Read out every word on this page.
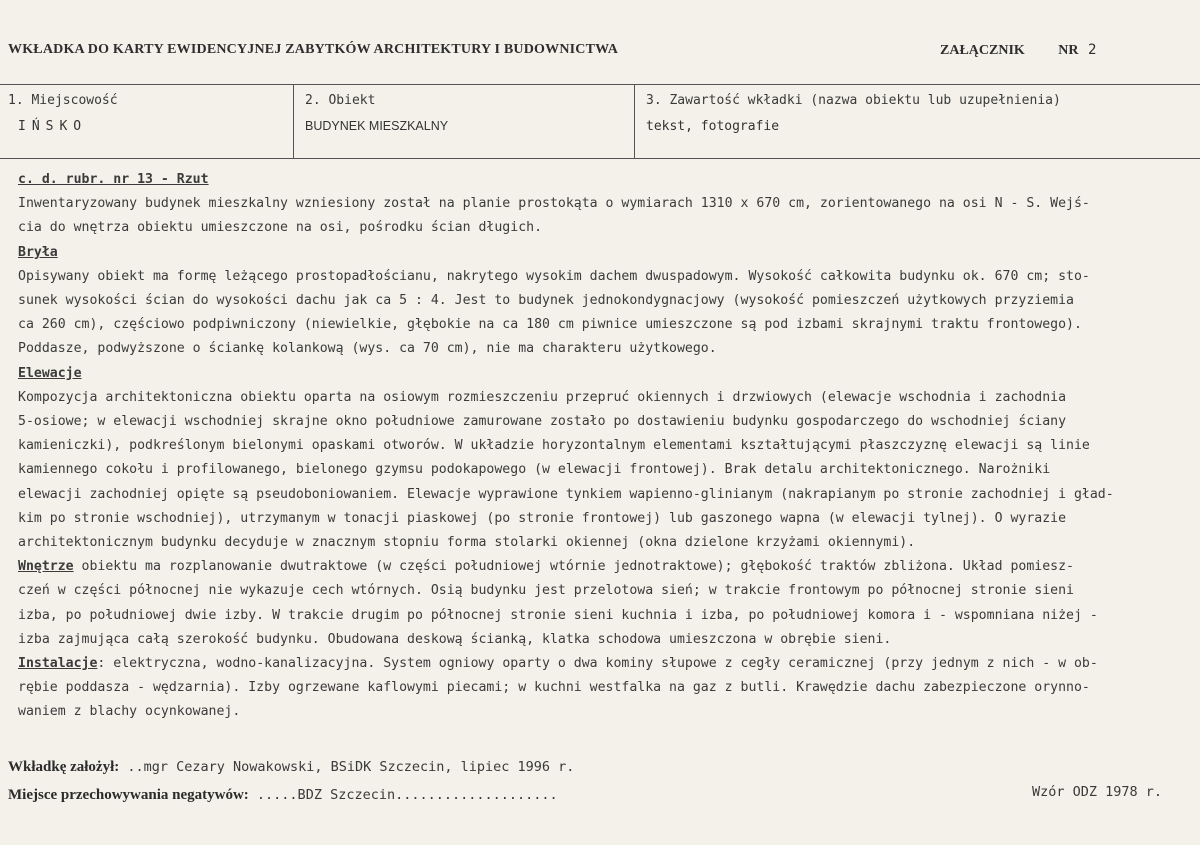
WKŁADKA DO KARTY EWIDENCYJNEJ ZABYTKÓW ARCHITEKTURY I BUDOWNICTWA	ZAŁĄCZNIK NR 2
1. Miejscowość
IŃSKO
2. Obiekt
BUDYNEK MIESZKALNY
3. Zawartość wkładki (nazwa obiektu lub uzupełnienia)
tekst, fotografie

c. d. rubr. nr 13 - Rzut

Inwentaryzowany budynek mieszkalny wzniesiony został na planie prostokąta o wymiarach 1310 x 670 cm, zorientowanego na osi N - S. Wejś-

cia do wnętrza obiektu umieszczone na osi, pośrodku ścian długich.

Bryła

Opisywany obiekt ma formę leżącego prostopadłościanu, nakrytego wysokim dachem dwuspadowym. Wysokość całkowita budynku ok. 670 cm; sto-

sunek wysokości ścian do wysokości dachu jak ca 5 : 4. Jest to budynek jednokondygnacjowy (wysokość pomieszczeń użytkowych przyziemia

ca 260 cm), częściowo podpiwniczony (niewielkie, głębokie na ca 180 cm piwnice umieszczone są pod izbami skrajnymi traktu frontowego).

Poddasze, podwyższone o ściankę kolankową (wys. ca 70 cm), nie ma charakteru użytkowego.

Elewacje

Kompozycja architektoniczna obiektu oparta na osiowym rozmieszczeniu przepruć okiennych i drzwiowych (elewacje wschodnia i zachodnia

5-osiowe; w elewacji wschodniej skrajne okno południowe zamurowane zostało po dostawieniu budynku gospodarczego do wschodniej ściany

kamieniczki), podkreślonym bielonymi opaskami otworów. W układzie horyzontalnym elementami kształtującymi płaszczyznę elewacji są linie

kamiennego cokołu i profilowanego, bielonego gzymsu podokapowego (w elewacji frontowej). Brak detalu architektonicznego. Narożniki

elewacji zachodniej opięte są pseudoboniowaniem. Elewacje wyprawione tynkiem wapienno-glinianym (nakrapianym po stronie zachodniej i gład-

kim po stronie wschodniej), utrzymanym w tonacji piaskowej (po stronie frontowej) lub gaszonego wapna (w elewacji tylnej). O wyrazie

architektonicznym budynku decyduje w znacznym stopniu forma stolarki okiennej (okna dzielone krzyżami okiennymi).

Wnętrze obiektu ma rozplanowanie dwutraktowe (w części południowej wtórnie jednotraktowe); głębokość traktów zbliżona. Układ pomiesz-

czeń w części północnej nie wykazuje cech wtórnych. Osią budynku jest przelotowa sień; w trakcie frontowym po północnej stronie sieni

izba, po południowej dwie izby. W trakcie drugim po północnej stronie sieni kuchnia i izba, po południowej komora i - wspomniana niżej -

izba zajmująca całą szerokość budynku. Obudowana deskową ścianką, klatka schodowa umieszczona w obrębie sieni.

Instalacje: elektryczna, wodno-kanalizacyjna. System ogniowy oparty o dwa kominy słupowe z cegły ceramicznej (przy jednym z nich - w ob-

rębie poddasza - wędzarnia). Izby ogrzewane kaflowymi piecami; w kuchni westfalka na gaz z butli. Krawędzie dachu zabezpieczone orynno-

waniem z blachy ocynkowanej.

Wkładkę założył: ..mgr Cezary Nowakowski, BSiDK Szczecin, lipiec 1996 r.
Miejsce przechowywania negatywów: .....BDZ Szczecin....................	Wzór ODZ 1978 r.
